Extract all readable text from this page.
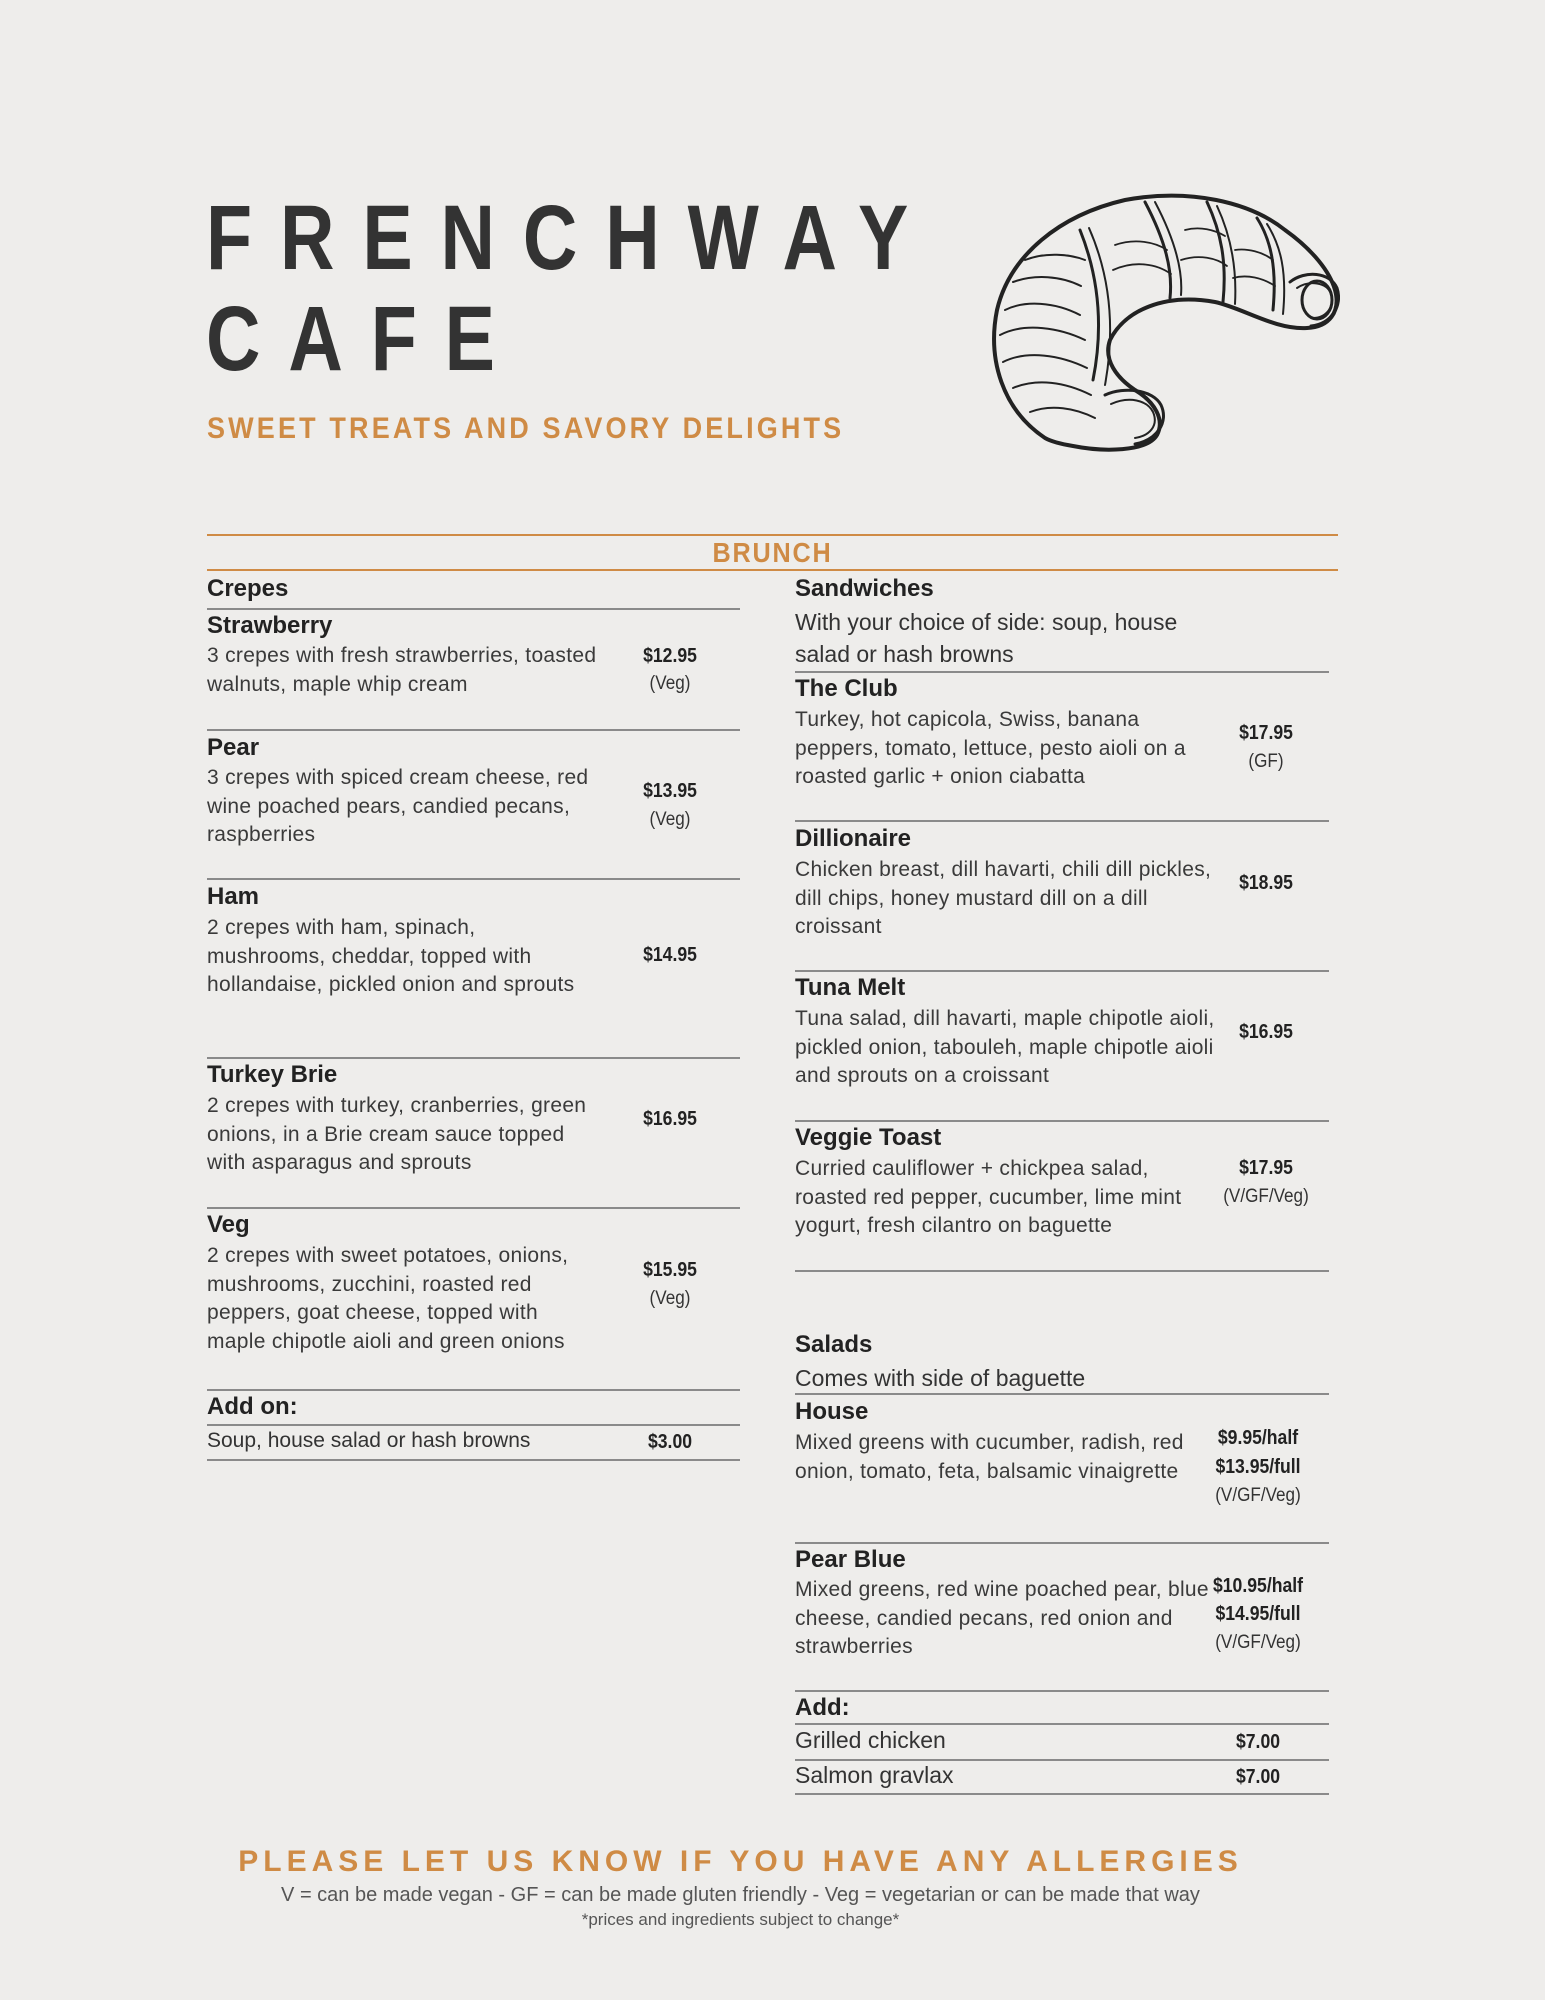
FRENCHWAY
CAFE
SWEET TREATS AND SAVORY DELIGHTS
BRUNCH
Crepes
Strawberry
3 crepes with fresh strawberries, toasted walnuts, maple whip cream
$12.95
(Veg)
Pear
3 crepes with spiced cream cheese, red wine poached pears, candied pecans, raspberries
$13.95
(Veg)
Ham
2 crepes with ham, spinach, mushrooms, cheddar, topped with hollandaise, pickled onion and sprouts
$14.95
Turkey Brie
2 crepes with turkey, cranberries, green onions, in a Brie cream sauce topped with asparagus and sprouts
$16.95
Veg
2 crepes with sweet potatoes, onions, mushrooms, zucchini, roasted red peppers, goat cheese, topped with maple chipotle aioli and green onions
$15.95
(Veg)
Add on:
Soup, house salad or hash browns	$3.00
Sandwiches
With your choice of side: soup, house salad or hash browns
The Club
Turkey, hot capicola, Swiss, banana peppers, tomato, lettuce, pesto aioli on a roasted garlic + onion ciabatta
$17.95
(GF)
Dillionaire
Chicken breast, dill havarti, chili dill pickles, dill chips, honey mustard dill on a dill croissant
$18.95
Tuna Melt
Tuna salad, dill havarti, maple chipotle aioli, pickled onion, tabouleh, maple chipotle aioli and sprouts on a croissant
$16.95
Veggie Toast
Curried cauliflower + chickpea salad, roasted red pepper, cucumber, lime mint yogurt, fresh cilantro on baguette
$17.95
(V/GF/Veg)
Salads
Comes with side of baguette
House
Mixed greens with cucumber, radish, red onion, tomato, feta, balsamic vinaigrette
$9.95/half
$13.95/full
(V/GF/Veg)
Pear Blue
Mixed greens, red wine poached pear, blue cheese, candied pecans, red onion and strawberries
$10.95/half
$14.95/full
(V/GF/Veg)
Add:
Grilled chicken	$7.00
Salmon gravlax	$7.00
PLEASE LET US KNOW IF YOU HAVE ANY ALLERGIES
V = can be made vegan - GF = can be made gluten friendly - Veg = vegetarian or can be made that way
*prices and ingredients subject to change*
